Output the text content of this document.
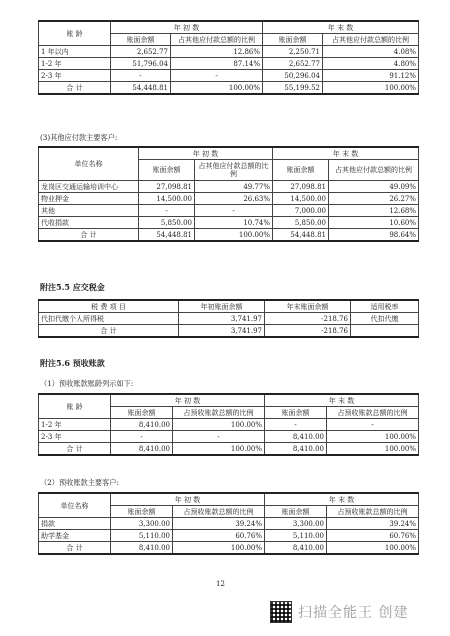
账 龄	年 初 数		年 末 数	
	账面余额	占其他应付款总额的比例	账面余额	占其他应付款总额的比例
1 年以内	2,652.77	12.86%	2,250.71	4.08%
1-2 年	51,796.04	87.14%	2,652.77	4.80%
2-3 年	-	-	50,296.04	91.12%
合 计	54,448.81	100.00%	55,199.52	100.00%
(3)其他应付款主要客户:
单位名称	年 初 数		年 末 数	
	账面余额	占其他应付款总额的比例	账面余额	占其他应付款总额的比例
龙岗区交通运输培训中心	27,098.81	49.77%	27,098.81	49.09%
物业押金	14,500.00	26.63%	14,500.00	26.27%
其他	-	-	7,000.00	12.68%
代收捐款	5,850.00	10.74%	5,850.00	10.60%
合 计	54,448.81	100.00%	54,448.81	98.64%
附注5.5 应交税金
税 费 项 目	年初账面余额	年末账面余额	适用税率
代扣代缴个人所得税	3,741.97	-218.76	代扣代缴
合 计	3,741.97	-218.76	
附注5.6 预收账款
（1）预收账款账龄列示如下:
账 龄	年 初 数		年 末 数	
	账面余额	占预收账款总额的比例	账面余额	占预收账款总额的比例
1-2 年	8,410.00	100.00%	-	-
2-3 年	-	-	8,410.00	100.00%
合 计	8,410.00	100.00%	8,410.00	100.00%
（2）预收账款主要客户:
单位名称	年 初 数		年 末 数	
	账面余额	占预收账款总额的比例	账面余额	占预收账款总额的比例
捐款	3,300.00	39.24%	3,300.00	39.24%
助学基金	5,110.00	60.76%	5,110.00	60.76%
合 计	8,410.00	100.00%	8,410.00	100.00%
12
扫描全能王 创建
